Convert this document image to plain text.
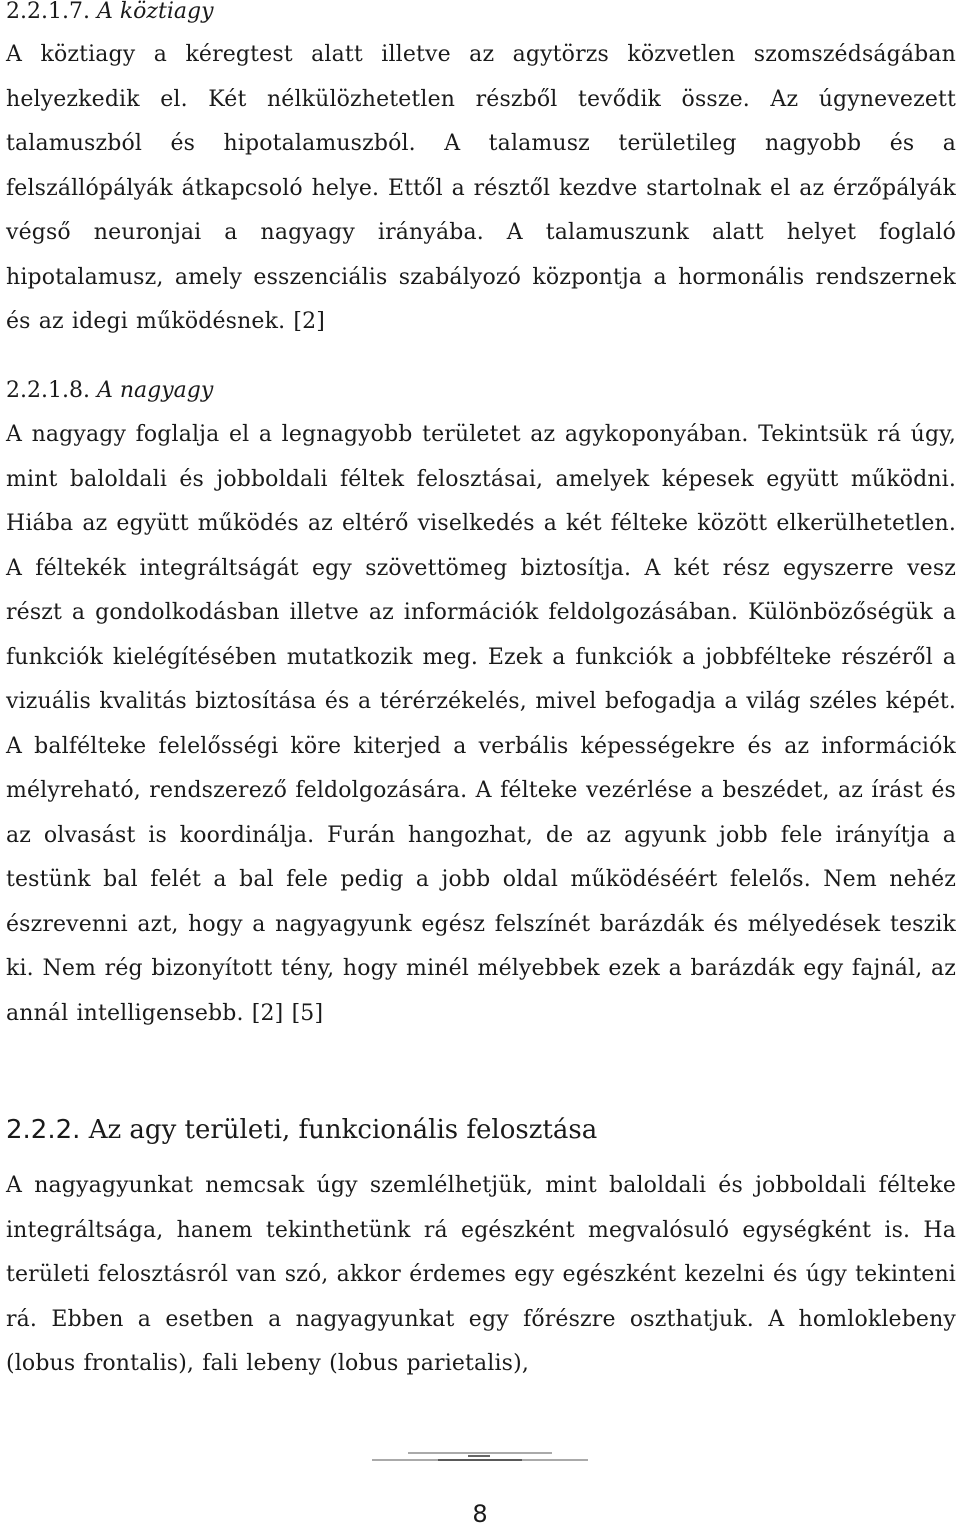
2.2.1.7. A köztiagy

A köztiagy a kéregtest alatt illetve az agytörzs közvetlen szomszédságában helyezkedik el. Két nélkülözhetetlen részből tevődik össze. Az úgynevezett talamuszból és hipotalamuszból. A talamusz területileg nagyobb és a felszállópályák átkapcsoló helye. Ettől a résztől kezdve startolnak el az érzőpályák végső neuronjai a nagyagy irányába. A talamuszunk alatt helyet foglaló hipotalamusz, amely esszenciális szabályozó központja a hormonális rendszernek és az idegi működésnek. [2]

2.2.1.8. A nagyagy

A nagyagy foglalja el a legnagyobb területet az agykoponyában. Tekintsük rá úgy, mint baloldali és jobboldali féltek felosztásai, amelyek képesek együtt működni. Hiába az együtt működés az eltérő viselkedés a két félteke között elkerülhetetlen. A féltekék integráltságát egy szövettömeg biztosítja. A két rész egyszerre vesz részt a gondolkodásban illetve az információk feldolgozásában. Különbözőségük a funkciók kielégítésében mutatkozik meg. Ezek a funkciók a jobbféltekе részéről a vizuális kvalitás biztosítása és a térérzékelés, mivel befogadja a világ széles képét. A balfélteke felelősségi köre kiterjed a verbális képességekre és az információk mélyreható, rendszerező feldolgozására. A félteke vezérlése a beszédet, az írást és az olvasást is koordinálja. Furán hangozhat, de az agyunk jobb fele irányítja a testünk bal felét a bal fele pedig a jobb oldal működéséért felelős. Nem nehéz észrevenni azt, hogy a nagyagyunk egész felszínét barázdák és mélyedések teszik ki. Nem rég bizonyított tény, hogy minél mélyebbek ezek a barázdák egy fajnál, az annál intelligensebb. [2] [5]

2.2.2. Az agy területi, funkcionális felosztása

A nagyagyunkat nemcsak úgy szemlélhetjük, mint baloldali és jobboldali félteke integráltsága, hanem tekinthetünk rá egészként megvalósuló egységként is. Ha területi felosztásról van szó, akkor érdemes egy egészként kezelni és úgy tekinteni rá. Ebben a esetben a nagyagyunkat egy főrészre oszthatjuk. A homloklebeny (lobus frontalis), fali lebeny (lobus parietalis),

8
